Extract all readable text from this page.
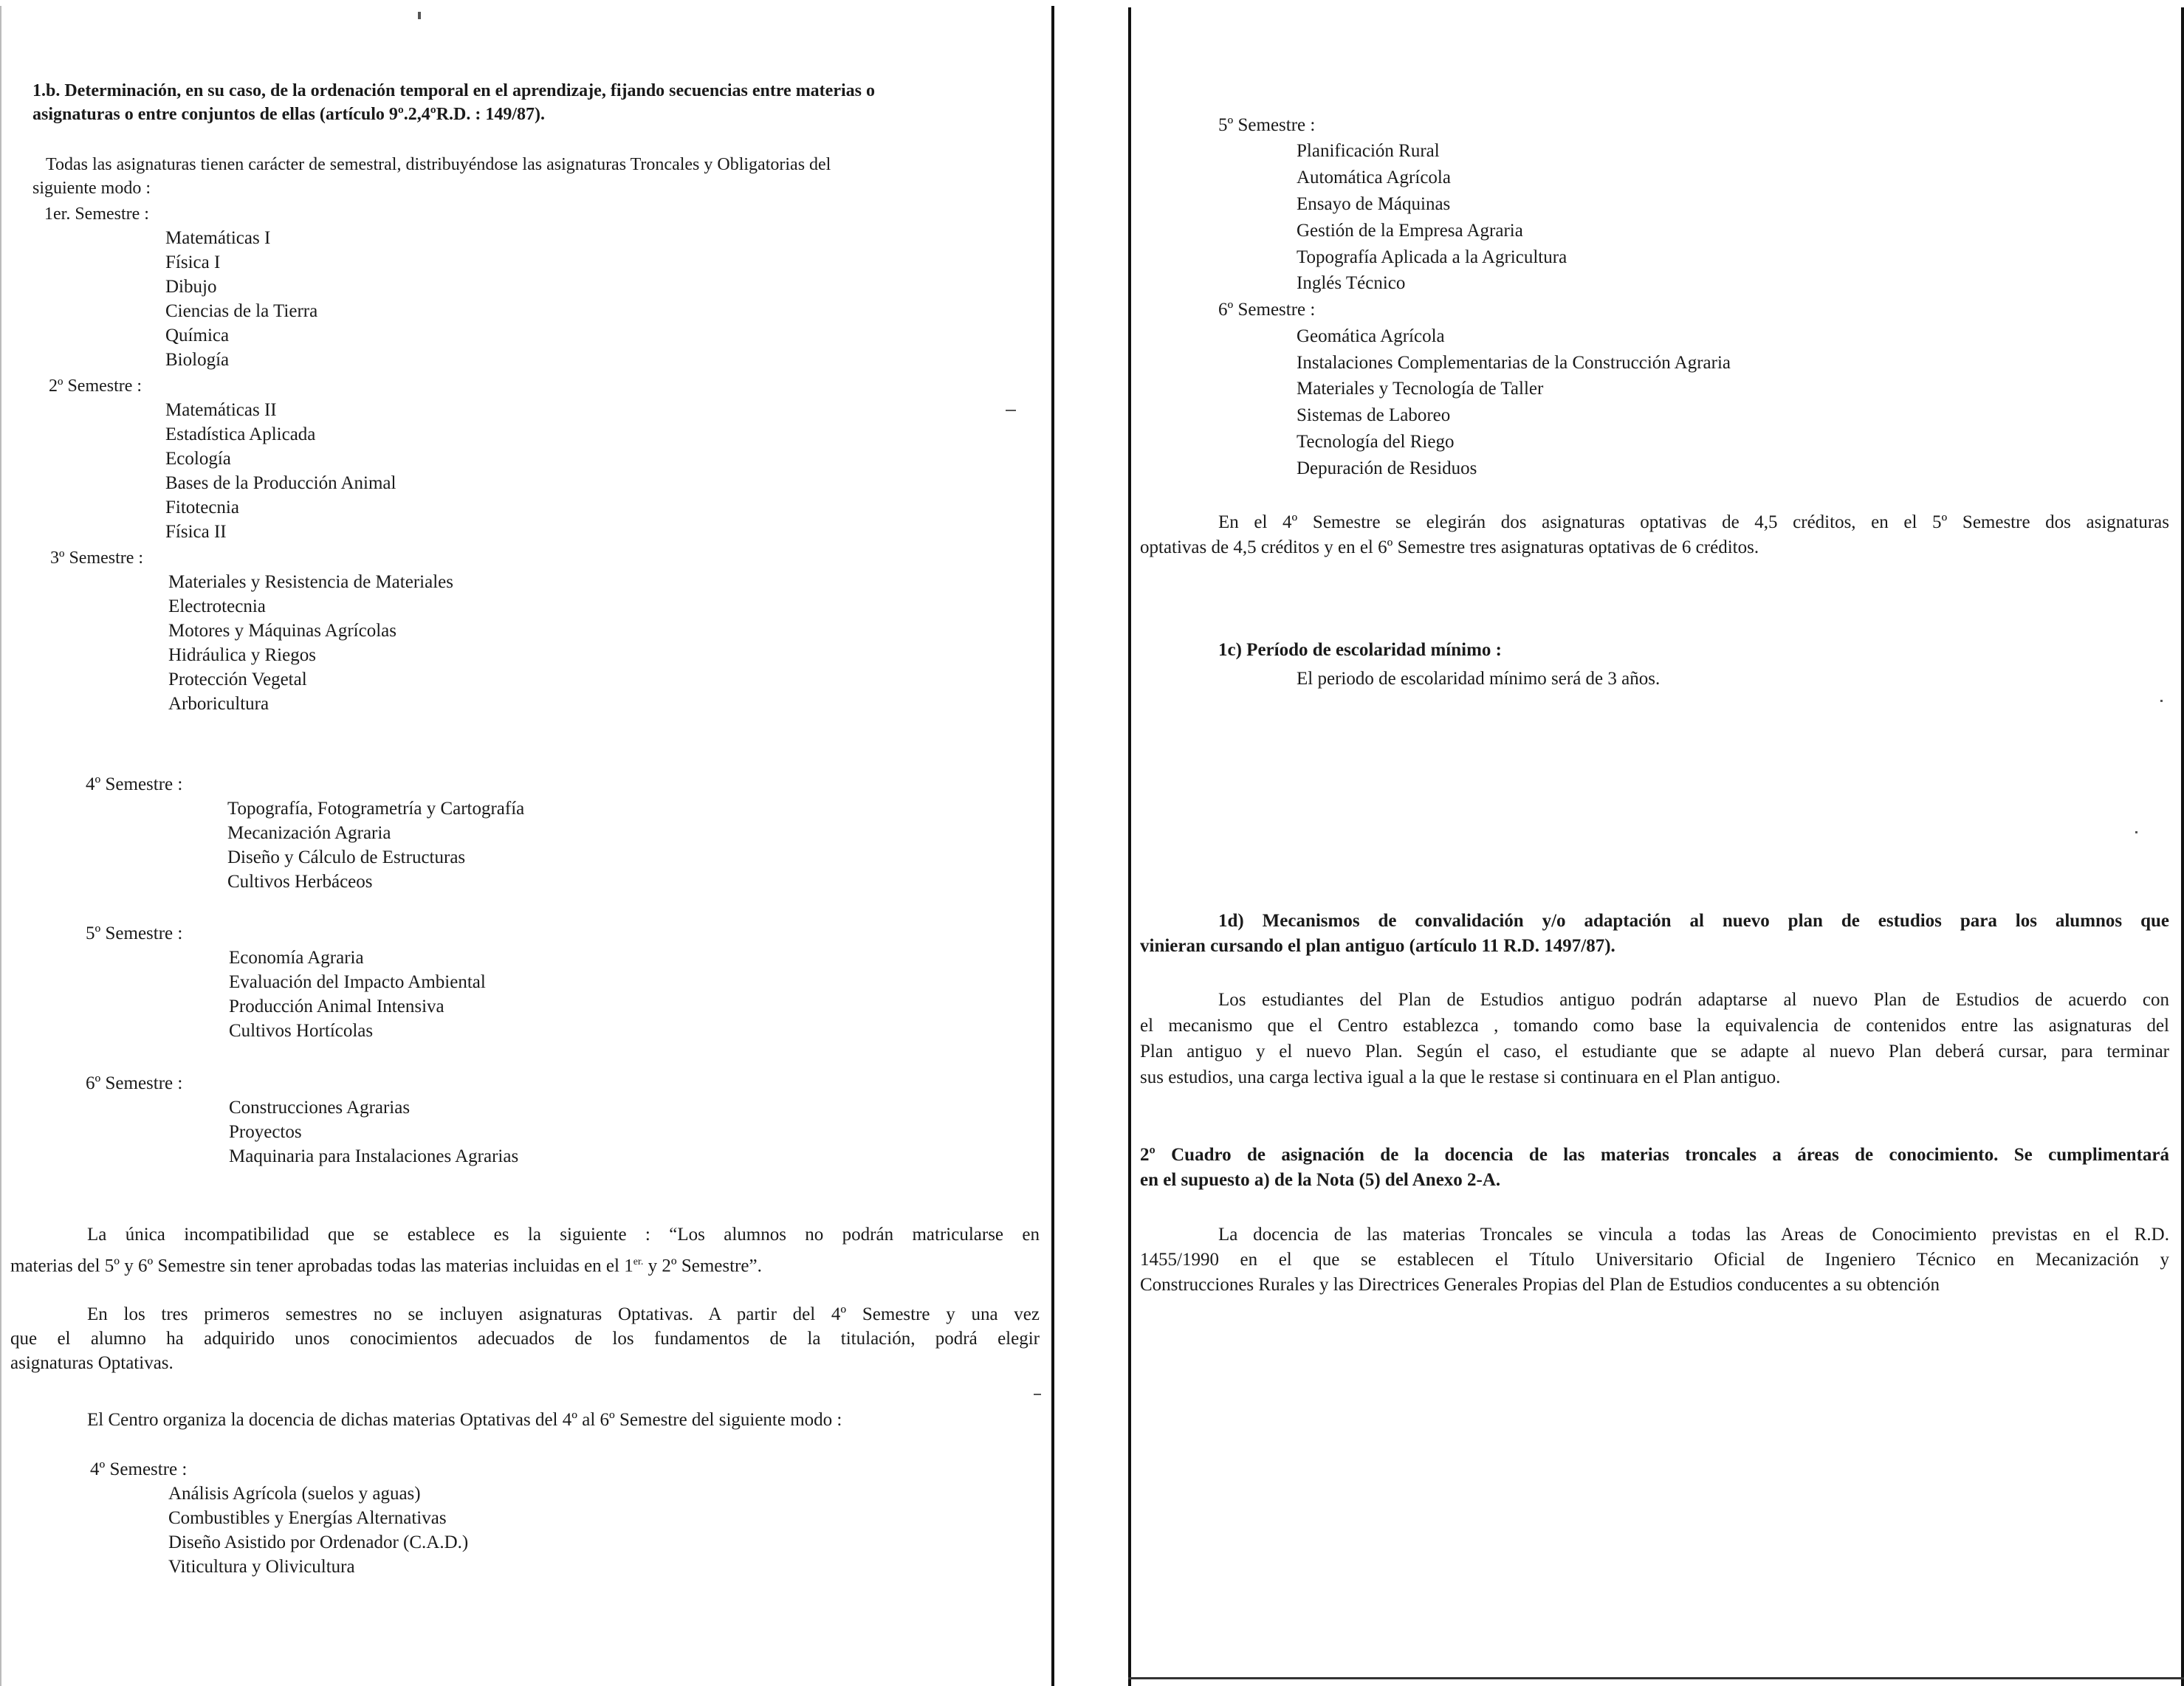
1.b. Determinación, en su caso, de la ordenación temporal en el aprendizaje, fijando secuencias entre materias o
asignaturas o entre conjuntos de ellas (artículo 9º.2,4ºR.D. : 149/87).
Todas las asignaturas tienen carácter de semestral, distribuyéndose las asignaturas Troncales y Obligatorias del
siguiente modo :
1er. Semestre :
Matemáticas I
Física I
Dibujo
Ciencias de la Tierra
Química
Biología
2º Semestre :
Matemáticas II
Estadística Aplicada
Ecología
Bases de la Producción Animal
Fitotecnia
Física II
3º Semestre :
Materiales y Resistencia de Materiales
Electrotecnia
Motores y Máquinas Agrícolas
Hidráulica y Riegos
Protección Vegetal
Arboricultura
4º Semestre :
Topografía, Fotogrametría y Cartografía
Mecanización Agraria
Diseño y Cálculo de Estructuras
Cultivos Herbáceos
5º Semestre :
Economía Agraria
Evaluación del Impacto Ambiental
Producción Animal Intensiva
Cultivos Hortícolas
6º Semestre :
Construcciones Agrarias
Proyectos
Maquinaria para Instalaciones Agrarias
La única incompatibilidad que se establece es la siguiente : “Los alumnos no podrán matricularse en
materias del 5º y 6º Semestre sin tener aprobadas todas las materias incluidas en el $1^{er.}$ y 2º Semestre”.
En los tres primeros semestres no se incluyen asignaturas Optativas. A partir del 4º Semestre y una vez
que el alumno ha adquirido unos conocimientos adecuados de los fundamentos de la titulación, podrá elegir
asignaturas Optativas.
El Centro organiza la docencia de dichas materias Optativas del 4º al 6º Semestre del siguiente modo :
4º Semestre :
Análisis Agrícola (suelos y aguas)
Combustibles y Energías Alternativas
Diseño Asistido por Ordenador (C.A.D.)
Viticultura y Olivicultura
5º Semestre :
Planificación Rural
Automática Agrícola
Ensayo de Máquinas
Gestión de la Empresa Agraria
Topografía Aplicada a la Agricultura
Inglés Técnico
6º Semestre :
Geomática Agrícola
Instalaciones Complementarias de la Construcción Agraria
Materiales y Tecnología de Taller
Sistemas de Laboreo
Tecnología del Riego
Depuración de Residuos
En el 4º Semestre se elegirán dos asignaturas optativas de 4,5 créditos, en el 5º Semestre dos asignaturas
optativas de 4,5 créditos y en el 6º Semestre tres asignaturas optativas de 6 créditos.
1c) Período de escolaridad mínimo :
El periodo de escolaridad mínimo será de 3 años.
1d) Mecanismos de convalidación y/o adaptación al nuevo plan de estudios para los alumnos que
vinieran cursando el plan antiguo (artículo 11 R.D. 1497/87).
Los estudiantes del Plan de Estudios antiguo podrán adaptarse al nuevo Plan de Estudios de acuerdo con
el mecanismo que el Centro establezca , tomando como base la equivalencia de contenidos entre las asignaturas del
Plan antiguo y el nuevo Plan. Según el caso, el estudiante que se adapte al nuevo Plan deberá cursar, para terminar
sus estudios, una carga lectiva igual a la que le restase si continuara en el Plan antiguo.
2º Cuadro de asignación de la docencia de las materias troncales a áreas de conocimiento. Se cumplimentará
en el supuesto a) de la Nota (5) del Anexo 2-A.
La docencia de las materias Troncales se vincula a todas las Areas de Conocimiento previstas en el R.D.
1455/1990 en el que se establecen el Título Universitario Oficial de Ingeniero Técnico en Mecanización y
Construcciones Rurales y las Directrices Generales Propias del Plan de Estudios conducentes a su obtención
